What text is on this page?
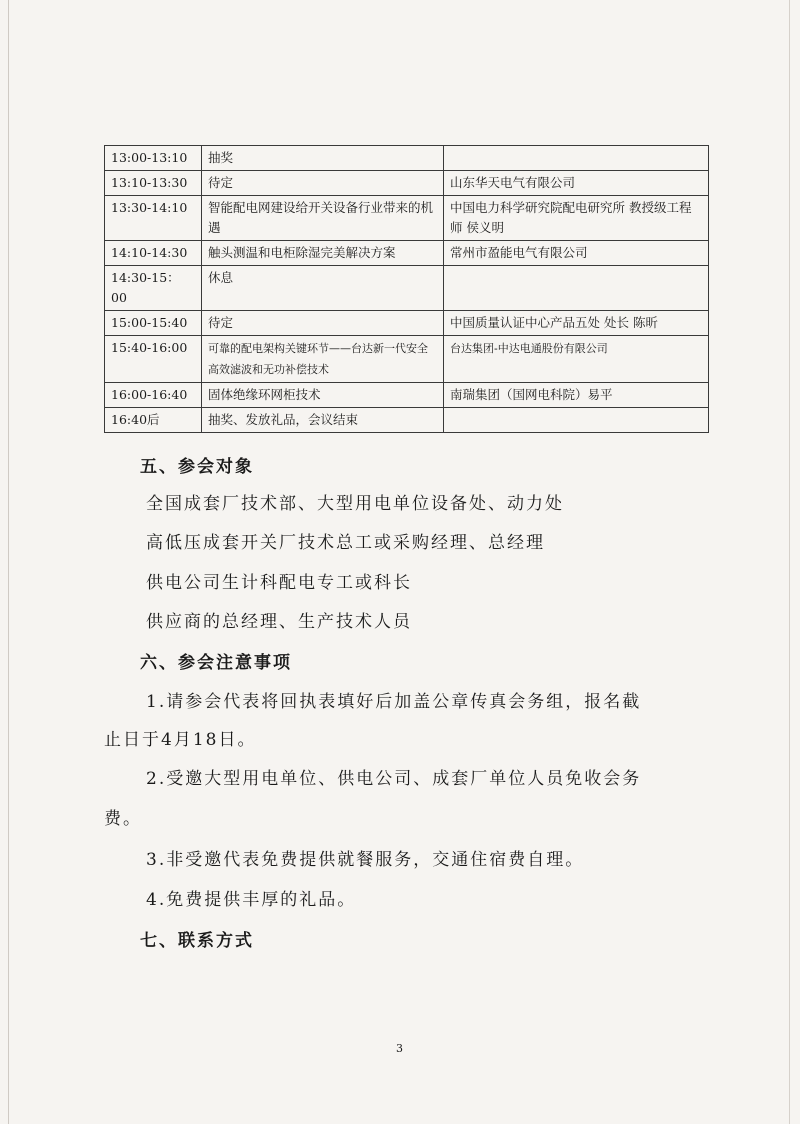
13:00-13:10	抽奖	
13:10-13:30	待定	山东华天电气有限公司
13:30-14:10	智能配电网建设给开关设备行业带来的机遇	中国电力科学研究院配电研究所 教授级工程师 侯义明
14:10-14:30	触头测温和电柜除湿完美解决方案	常州市盈能电气有限公司
14:30-15：00	休息	
15:00-15:40	待定	中国质量认证中心产品五处 处长 陈昕
15:40-16:00	可靠的配电架构关键环节——台达新一代安全高效滤波和无功补偿技术	台达集团-中达电通股份有限公司
16:00-16:40	固体绝缘环网柜技术	南瑞集团（国网电科院）易平
16:40后	抽奖、发放礼品，会议结束	
五、参会对象
全国成套厂技术部、大型用电单位设备处、动力处
高低压成套开关厂技术总工或采购经理、总经理
供电公司生计科配电专工或科长
供应商的总经理、生产技术人员
六、参会注意事项
1.请参会代表将回执表填好后加盖公章传真会务组，报名截
止日于4月18日。
2.受邀大型用电单位、供电公司、成套厂单位人员免收会务
费。
3.非受邀代表免费提供就餐服务，交通住宿费自理。
4.免费提供丰厚的礼品。
七、联系方式
3
